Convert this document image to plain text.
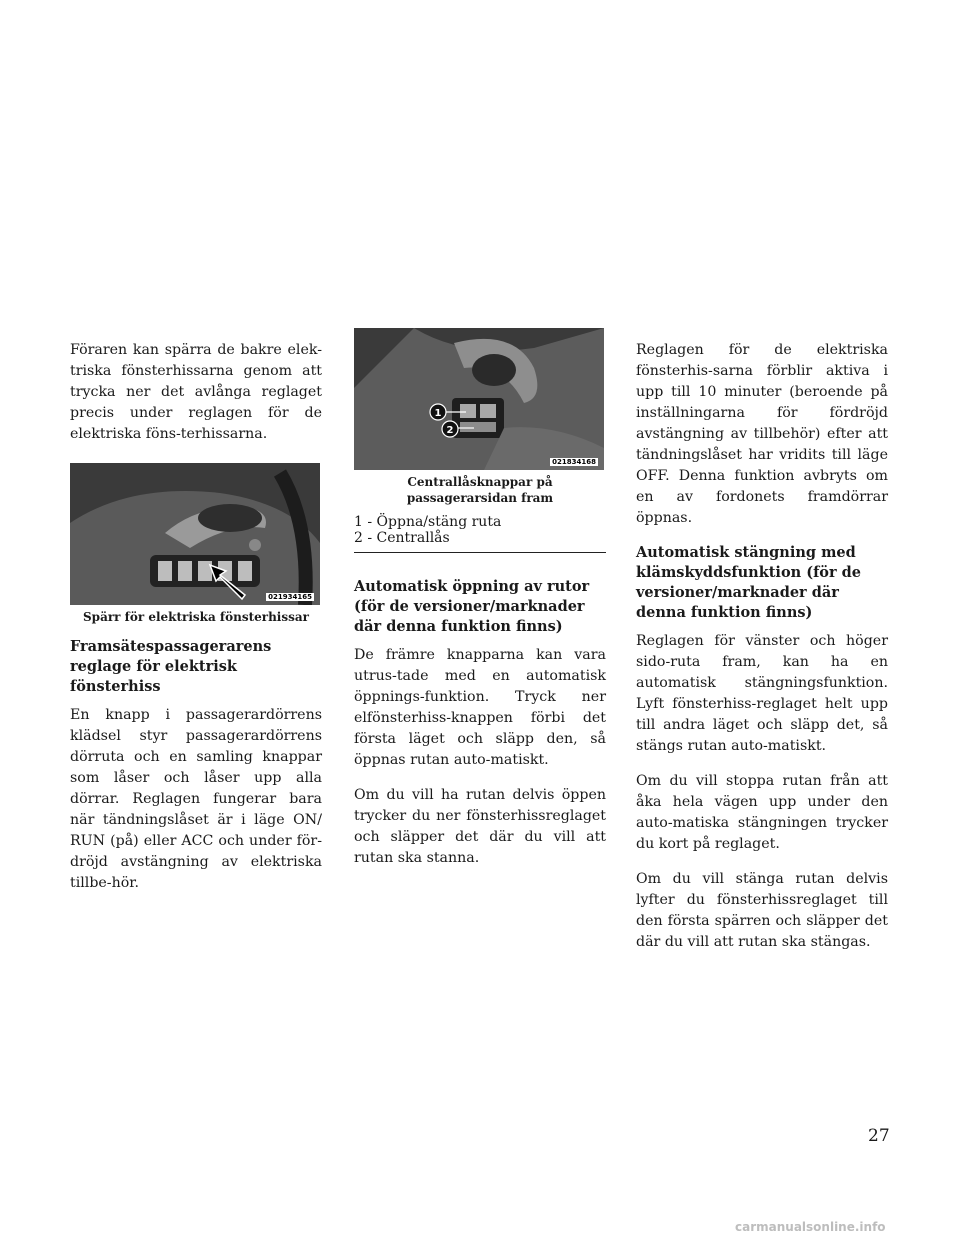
Föraren kan spärra de bakre elek-triska fönsterhissarna genom att trycka ner det avlånga reglaget precis under reglagen för de elektriska föns-terhissarna.

021934165
Spärr för elektriska fönsterhissar
Framsätespassagerarens reglage för elektrisk fönsterhiss

En knapp i passagerardörrens klädsel styr passagerardörrens dörruta och en samling knappar som låser och låser upp alla dörrar. Reglagen fungerar bara när tändningslåset är i läge ON/ RUN (på) eller ACC och under för-dröjd avstängning av elektriska tillbe-hör.

1
2
021834168
Centrallåsknappar på
passagerarsidan fram
1 - Öppna/stäng ruta
2 - Centrallås
Automatisk öppning av rutor (för de versioner/marknader där denna funktion finns)

De främre knapparna kan vara utrus-tade med en automatisk öppnings-funktion. Tryck ner elfönsterhiss-knappen förbi det första läget och släpp den, så öppnas rutan auto-matiskt.

Om du vill ha rutan delvis öppen trycker du ner fönsterhissreglaget och släpper det där du vill att rutan ska stanna.

Reglagen för de elektriska fönsterhis-sarna förblir aktiva i upp till 10 minuter (beroende på inställningarna för fördröjd avstängning av tillbehör) efter att tändningslåset har vridits till läge OFF. Denna funktion avbryts om en av fordonets framdörrar öppnas.

Automatisk stängning med klämskyddsfunktion (för de versioner/marknader där denna funktion finns)

Reglagen för vänster och höger sido-ruta fram, kan ha en automatisk stängningsfunktion. Lyft fönsterhiss-reglaget helt upp till andra läget och släpp det, så stängs rutan auto-matiskt.

Om du vill stoppa rutan från att åka hela vägen upp under den auto-matiska stängningen trycker du kort på reglaget.

Om du vill stänga rutan delvis lyfter du fönsterhissreglaget till den första spärren och släpper det där du vill att rutan ska stängas.

27
carmanualsonline.info
